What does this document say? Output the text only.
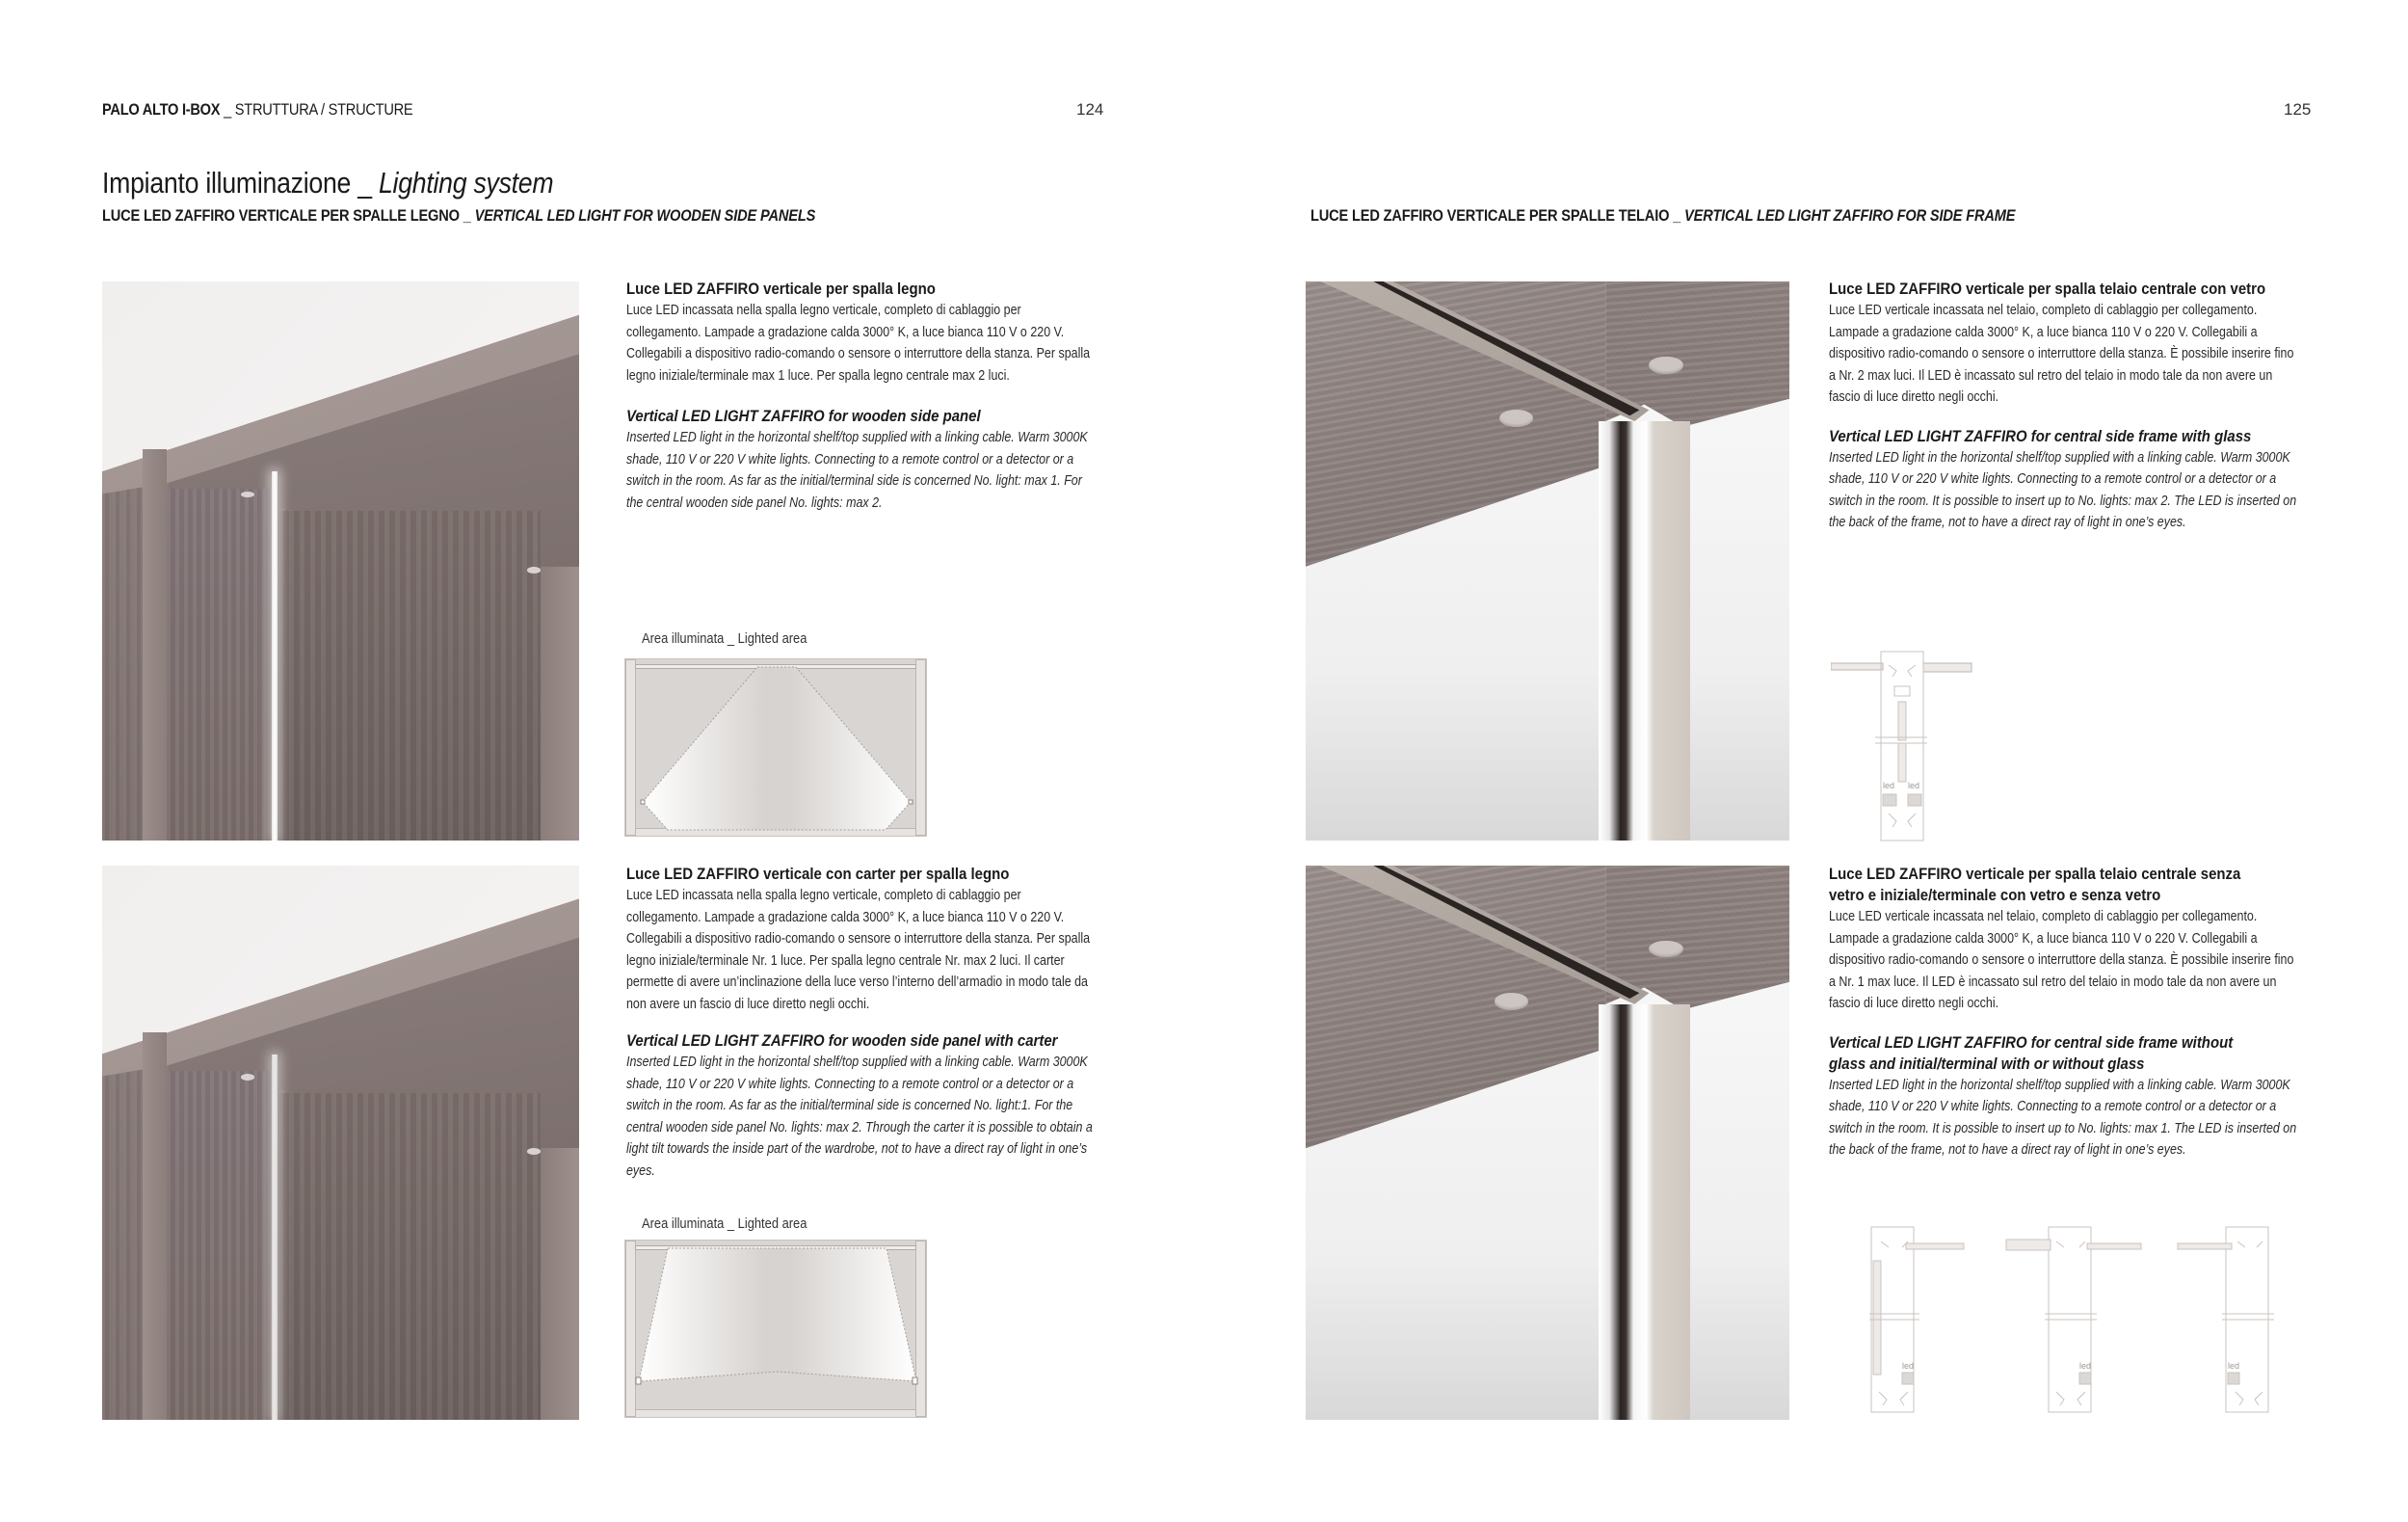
PALO ALTO I-BOX _ STRUTTURA / STRUCTURE	124	125
Impianto illuminazione _ Lighting system
LUCE LED ZAFFIRO VERTICALE PER SPALLE LEGNO _ VERTICAL LED LIGHT FOR WOODEN SIDE PANELS	LUCE LED ZAFFIRO VERTICALE PER SPALLE TELAIO _ VERTICAL LED LIGHT ZAFFIRO FOR SIDE FRAME
Luce LED ZAFFIRO verticale per spalla legno
Luce LED incassata nella spalla legno verticale, completo di cablaggio per collegamento. Lampade a gradazione calda 3000° K, a luce bianca 110 V o 220 V. Collegabili a dispositivo radio-comando o sensore o interruttore della stanza. Per spalla legno iniziale/terminale max 1 luce. Per spalla legno centrale max 2 luci.
Vertical LED LIGHT ZAFFIRO for wooden side panel
Inserted LED light in the horizontal shelf/top supplied with a linking cable. Warm 3000K shade, 110 V or 220 V white lights. Connecting to a remote control or a detector or a switch in the room. As far as the initial/terminal side is concerned No. light: max 1. For the central wooden side panel No. lights: max 2.
Area illuminata _ Lighted area
Luce LED ZAFFIRO verticale con carter per spalla legno
Luce LED incassata nella spalla legno verticale, completo di cablaggio per collegamento. Lampade a gradazione calda 3000° K, a luce bianca 110 V o 220 V. Collegabili a dispositivo radio-comando o sensore o interruttore della stanza. Per spalla legno iniziale/terminale Nr. 1 luce. Per spalla legno centrale Nr. max 2 luci. Il carter permette di avere un’inclinazione della luce verso l’interno dell’armadio in modo tale da non avere un fascio di luce diretto negli occhi.
Vertical LED LIGHT ZAFFIRO for wooden side panel with carter
Inserted LED light in the horizontal shelf/top supplied with a linking cable. Warm 3000K shade, 110 V or 220 V white lights. Connecting to a remote control or a detector or a switch in the room. As far as the initial/terminal side is concerned No. light:1. For the central wooden side panel No. lights: max 2. Through the carter it is possible to obtain a light tilt towards the inside part of the wardrobe, not to have a direct ray of light in one’s eyes.
Area illuminata _ Lighted area
Luce LED ZAFFIRO verticale per spalla telaio centrale con vetro
Luce LED verticale incassata nel telaio, completo di cablaggio per collegamento. Lampade a gradazione calda 3000° K, a luce bianca 110 V o 220 V. Collegabili a dispositivo radio-comando o sensore o interruttore della stanza. È possibile inserire fino a Nr. 2 max luci. Il LED è incassato sul retro del telaio in modo tale da non avere un fascio di luce diretto negli occhi.
Vertical LED LIGHT ZAFFIRO for central side frame with glass
Inserted LED light in the horizontal shelf/top supplied with a linking cable. Warm 3000K shade, 110 V or 220 V white lights. Connecting to a remote control or a detector or a switch in the room. It is possible to insert up to No. lights: max 2. The LED is inserted on the back of the frame, not to have a direct ray of light in one’s eyes.
led led
Luce LED ZAFFIRO verticale per spalla telaio centrale senza vetro e iniziale/terminale con vetro e senza vetro
Luce LED verticale incassata nel telaio, completo di cablaggio per collegamento. Lampade a gradazione calda 3000° K, a luce bianca 110 V o 220 V. Collegabili a dispositivo radio-comando o sensore o interruttore della stanza. È possibile inserire fino a Nr. 1 max luce. Il LED è incassato sul retro del telaio in modo tale da non avere un fascio di luce diretto negli occhi.
Vertical LED LIGHT ZAFFIRO for central side frame without glass and initial/terminal with or without glass
Inserted LED light in the horizontal shelf/top supplied with a linking cable. Warm 3000K shade, 110 V or 220 V white lights. Connecting to a remote control or a detector or a switch in the room. It is possible to insert up to No. lights: max 1. The LED is inserted on the back of the frame, not to have a direct ray of light in one’s eyes.
led	led	led
